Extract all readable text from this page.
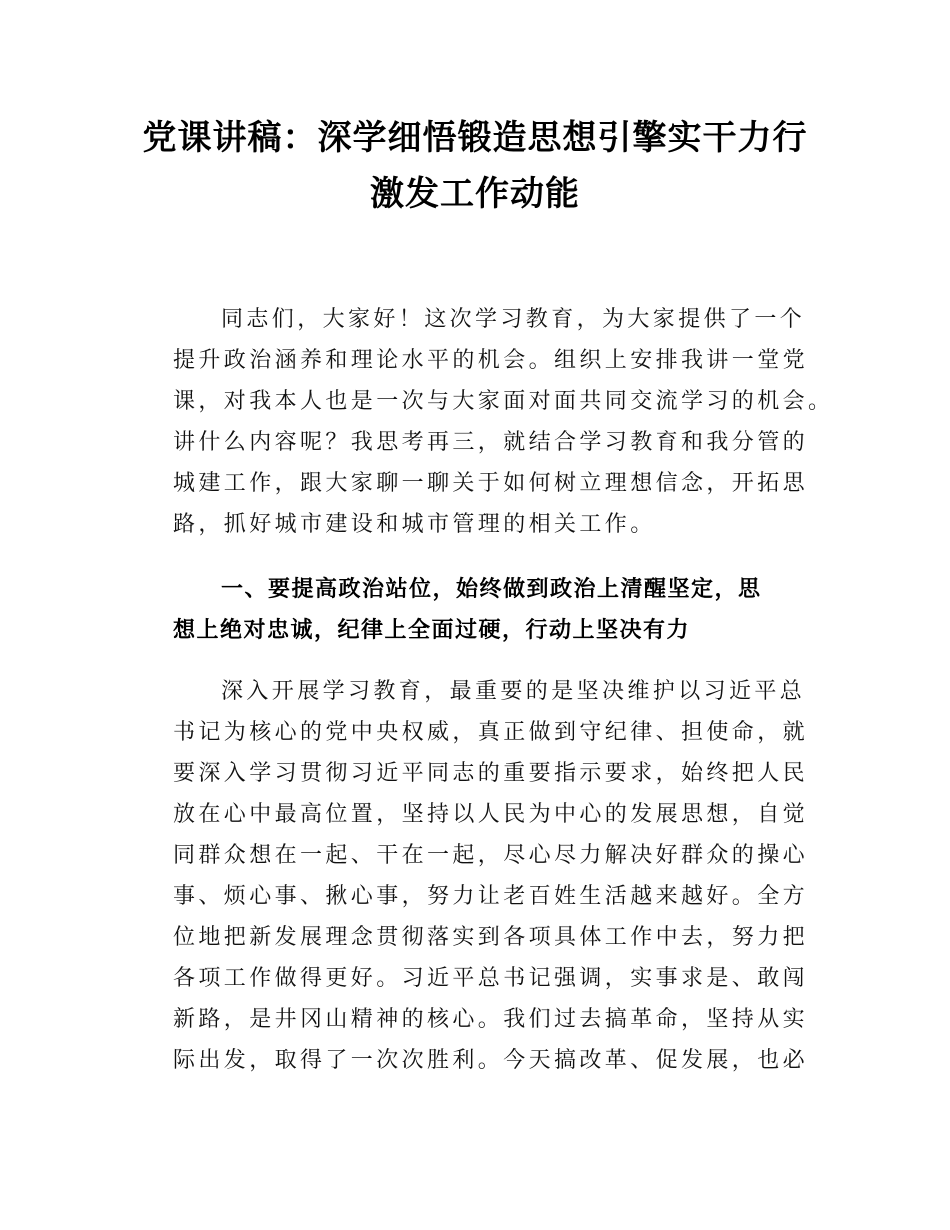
党课讲稿：深学细悟锻造思想引擎实干力行
激发工作动能
同志们，大家好！这次学习教育，为大家提供了一个
提升政治涵养和理论水平的机会。组织上安排我讲一堂党
课，对我本人也是一次与大家面对面共同交流学习的机会。
讲什么内容呢？我思考再三，就结合学习教育和我分管的
城建工作，跟大家聊一聊关于如何树立理想信念，开拓思
路，抓好城市建设和城市管理的相关工作。
一、要提高政治站位，始终做到政治上清醒坚定，思
想上绝对忠诚，纪律上全面过硬，行动上坚决有力
深入开展学习教育，最重要的是坚决维护以习近平总
书记为核心的党中央权威，真正做到守纪律、担使命，就
要深入学习贯彻习近平同志的重要指示要求，始终把人民
放在心中最高位置，坚持以人民为中心的发展思想，自觉
同群众想在一起、干在一起，尽心尽力解决好群众的操心
事、烦心事、揪心事，努力让老百姓生活越来越好。全方
位地把新发展理念贯彻落实到各项具体工作中去，努力把
各项工作做得更好。习近平总书记强调，实事求是、敢闯
新路，是井冈山精神的核心。我们过去搞革命，坚持从实
际出发，取得了一次次胜利。今天搞改革、促发展，也必
